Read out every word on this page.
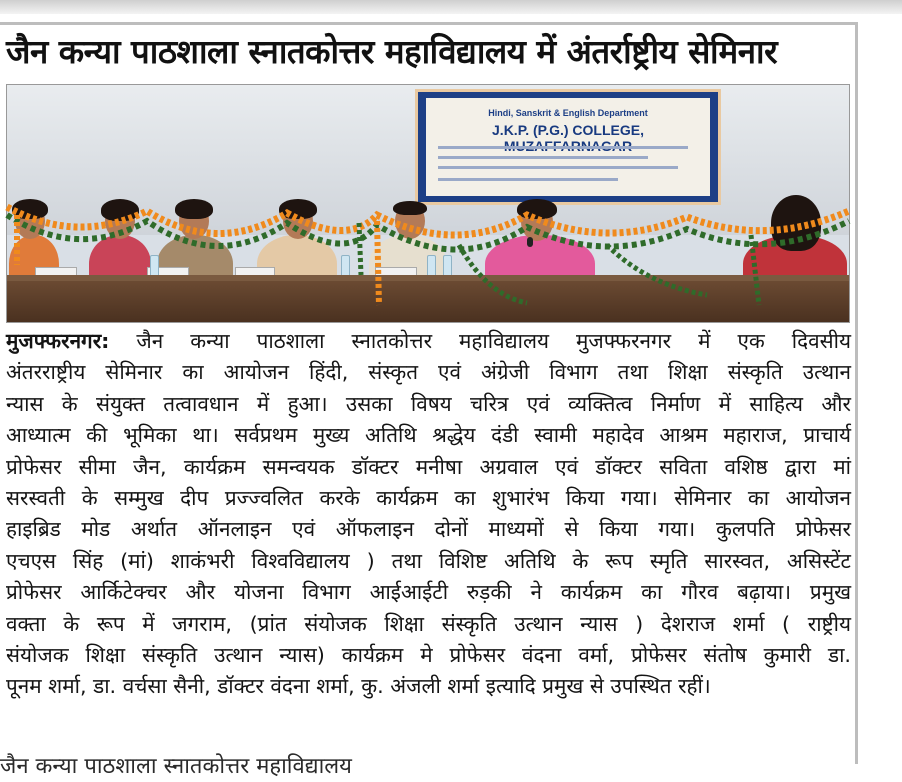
जैन कन्या पाठशाला स्नातकोत्तर महाविद्यालय में अंतर्राष्ट्रीय सेमिनार
Hindi, Sanskrit & English Department
J.K.P. (P.G.) COLLEGE,

मुजफ्फरनगर: जैन कन्या पाठशाला स्नातकोत्तर महाविद्यालय मुजफ्फरनगर में एक दिवसीय
अंतरराष्ट्रीय सेमिनार का आयोजन हिंदी, संस्कृत एवं अंग्रेजी विभाग तथा शिक्षा संस्कृति उत्थान
न्यास के संयुक्त तत्वावधान में हुआ। उसका विषय चरित्र एवं व्यक्तित्व निर्माण में साहित्य और
आध्यात्म की भूमिका था। सर्वप्रथम मुख्य अतिथि श्रद्धेय दंडी स्वामी महादेव आश्रम महाराज, प्राचार्य
प्रोफेसर सीमा जैन, कार्यक्रम समन्वयक डॉक्टर मनीषा अग्रवाल एवं डॉक्टर सविता वशिष्ठ द्वारा मां
सरस्वती के सम्मुख दीप प्रज्ज्वलित करके कार्यक्रम का शुभारंभ किया गया। सेमिनार का आयोजन
हाइब्रिड मोड अर्थात ऑनलाइन एवं ऑफलाइन दोनों माध्यमों से किया गया। कुलपति प्रोफेसर
एचएस सिंह (मां) शाकंभरी विश्वविद्यालय ) तथा विशिष्ट अतिथि के रूप स्मृति सारस्वत, असिस्टेंट
प्रोफेसर आर्किटेक्चर और योजना विभाग आईआईटी रुड़की ने कार्यक्रम का गौरव बढ़ाया। प्रमुख
वक्ता के रूप में जगराम, (प्रांत संयोजक शिक्षा संस्कृति उत्थान न्यास ) देशराज शर्मा ( राष्ट्रीय
संयोजक शिक्षा संस्कृति उत्थान न्यास) कार्यक्रम मे प्रोफेसर वंदना वर्मा, प्रोफेसर संतोष कुमारी डा.
पूनम शर्मा, डा. वर्चसा सैनी, डॉक्टर वंदना शर्मा, कु. अंजली शर्मा इत्यादि प्रमुख से उपस्थित रहीं।

जैन कन्या पाठशाला स्नातकोत्तर महाविद्यालय
